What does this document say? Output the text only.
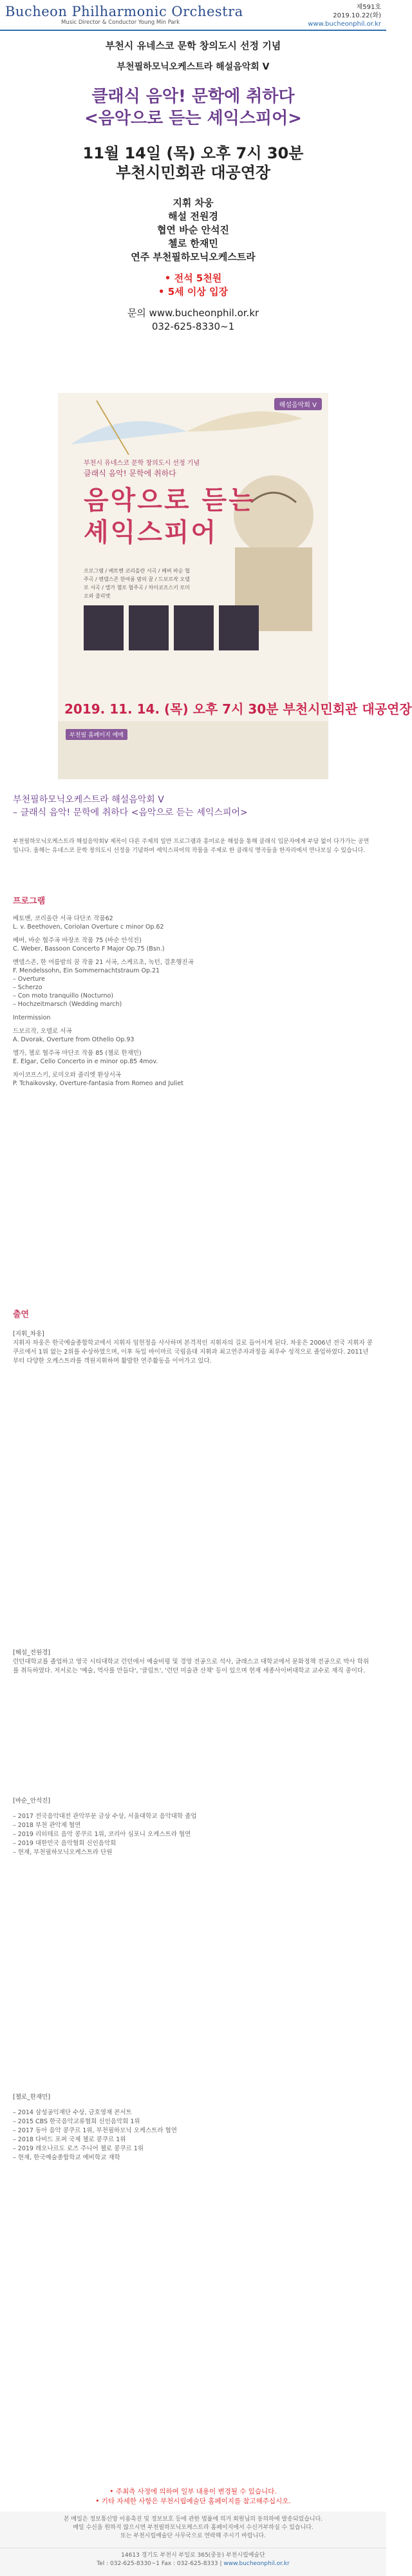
Bucheon Philharmonic Orchestra
Music Director & Conductor Young Min Park
제591호
2019.10.22(화)
www.bucheonphil.or.kr
부천시 유네스코 문학 창의도시 선정 기념
부천필하모닉오케스트라 해설음악회 V
클래식 음악! 문학에 취하다
<음악으로 듣는 셰익스피어>
11월 14일 (목) 오후 7시 30분
부천시민회관 대공연장
지휘 차웅
해설 전원경
협연 바순 안석진
첼로 한재민
연주 부천필하모닉오케스트라
• 전석 5천원
• 5세 이상 입장
문의 www.bucheonphil.or.kr
032-625-8330~1
해설음악회 V
부천시 유네스코 문학 창의도시 선정 기념
클래식 음악! 문학에 취하다
음악으로 듣는
셰익스피어
프로그램 / 베토벤 코리올란 서곡 / 베버 바순 협주곡 / 멘델스존 한여름 밤의 꿈 / 드보르작 오델로 서곡 / 엘가 첼로 협주곡 / 차이코프스키 로미오와 줄리엣
2019. 11. 14. (목) 오후 7시 30분 부천시민회관 대공연장
부천필 홈페이지 예매
부천필하모닉오케스트라 해설음악회 V
– 클래식 음악! 문학에 취하다 <음악으로 듣는 셰익스피어>
부천필하모닉오케스트라 해설음악회V 제목이 다른 주제의 일반 프로그램과 흥미로운 해설을 통해 클래식 입문자에게 부담 없이 다가가는 공연입니다. 올해는 유네스코 문학 창의도시 선정을 기념하여 셰익스피어의 작품을 주제로 한 클래식 명곡들을 한자리에서 만나보실 수 있습니다.
프로그램

베토벤, 코리올란 서곡 다단조 작품62
L. v. Beethoven, Coriolan Overture c minor Op.62

베버, 바순 협주곡 바장조 작품 75 (바순 안석진)
C. Weber, Bassoon Concerto F Major Op.75 (Bsn.)

멘델스존, 한 여름밤의 꿈 작품 21 서곡, 스케르초, 녹턴, 결혼행진곡
F. Mendelssohn, Ein Sommernachtstraum Op.21
– Overture
– Scherzo
– Con moto tranquillo (Nocturno)
– Hochzeitmarsch (Wedding march)

Intermission

드보르작, 오델로 서곡
A. Dvorak, Overture from Othello Op.93

엘가, 첼로 협주곡 마단조 작품 85 (첼로 한재민)
E. Elgar, Cello Concerto in e minor op.85 4mov.

차이코프스키, 로미오와 줄리엣 환상서곡
P. Tchaikovsky, Overture-fantasia from Romeo and Juliet

출연

[지휘_차웅]
지휘자 차웅은 한국예술종합학교에서 지휘자 임헌정을 사사하며 본격적인 지휘자의 길로 들어서게 된다. 차웅은 2006년 전국 지휘자 콩쿠르에서 1위 없는 2위를 수상하였으며, 이후 독일 바이마르 국립음대 지휘과 최고연주자과정을 최우수 성적으로 졸업하였다. 2011년부터 다양한 오케스트라를 객원지휘하며 활발한 연주활동을 이어가고 있다.

[해설_전원경]
런던대학교를 졸업하고 영국 시티대학교 런던에서 예술비평 및 경영 전공으로 석사, 글래스고 대학교에서 문화정책 전공으로 박사 학위를 취득하였다. 저서로는 '예술, 역사를 만들다', '클림트', '런던 미술관 산책' 등이 있으며 현재 세종사이버대학교 교수로 재직 중이다.

[바순_안석진]

– 2017 전국음악대전 관악부문 금상 수상, 서울대학교 음악대학 졸업
– 2018 부천 관악제 협연
– 2019 리히테르 음악 콩쿠르 1위, 코리아 심포니 오케스트라 협연
– 2019 대한민국 음악협회 신인음악회
– 현재, 부천필하모닉오케스트라 단원

[첼로_한재민]

– 2014 삼성공익재단 수상, 금호영재 콘서트
– 2015 CBS 한국음악교류협회 신인음악회 1위
– 2017 동아 음악 콩쿠르 1위, 부천필하모닉 오케스트라 협연
– 2018 다비드 포퍼 국제 첼로 콩쿠르 1위
– 2019 레오나르도 로즈 주니어 첼로 콩쿠르 1위
– 현재, 한국예술종합학교 예비학교 재학
• 주최측 사정에 의하여 일부 내용이 변경될 수 있습니다.
• 기타 자세한 사항은 부천시립예술단 홈페이지를 참고해주십시오.
본 메일은 정보통신망 이용촉진 및 정보보호 등에 관한 법률에 의거 회원님의 동의하에 발송되었습니다.
메일 수신을 원하지 않으시면 부천필하모닉오케스트라 홈페이지에서 수신거부하실 수 있습니다.
또는 부천시립예술단 사무국으로 연락해 주시기 바랍니다.
14613 경기도 부천시 부일로 365(중동) 부천시립예술단
Tel : 032-625-8330~1 Fax : 032-625-8333 | www.bucheonphil.or.kr
